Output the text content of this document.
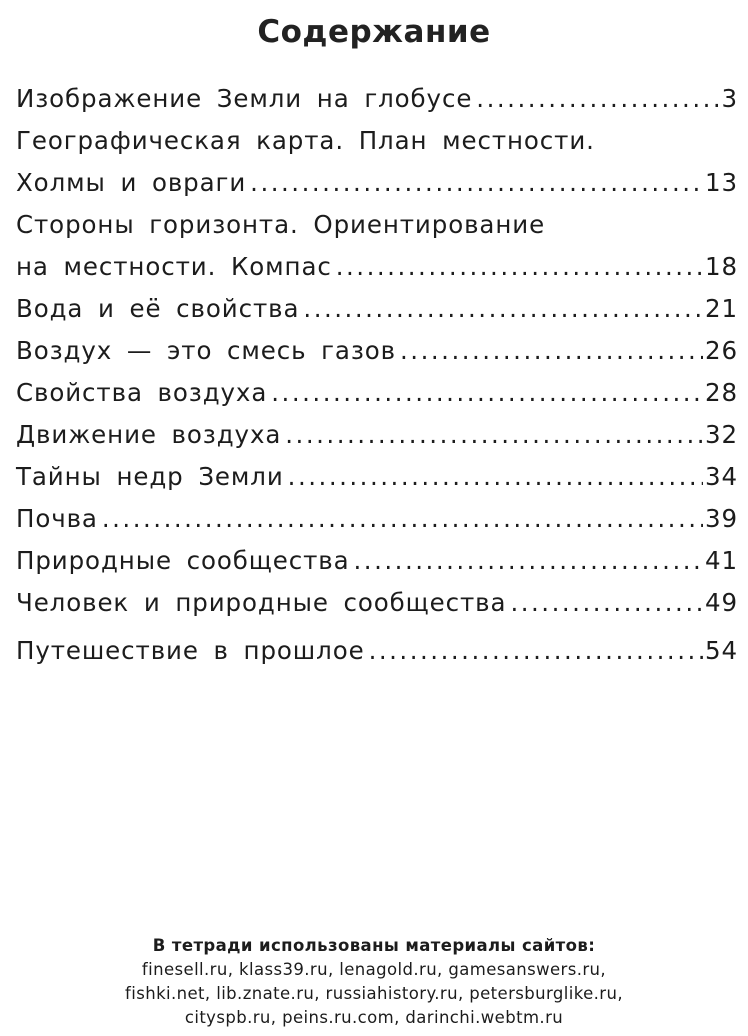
Содержание
Изображение Земли на глобусе .....	3
Географическая карта. План местности.
Холмы и овраги .....	13
Стороны горизонта. Ориентирование
на местности. Компас .....	18
Вода и её свойства .....	21
Воздух — это смесь газов .....	26
Свойства воздуха .....	28
Движение воздуха .....	32
Тайны недр Земли .....	34
Почва .....	39
Природные сообщества .....	41
Человек и природные сообщества .....	49
Путешествие в прошлое .....	54
В тетради использованы материалы сайтов:
finesell.ru, klass39.ru, lenagold.ru, gamesanswers.ru,
fishki.net, lib.znate.ru, russiahistory.ru, petersburglike.ru,
cityspb.ru, peins.ru.com, darinchi.webtm.ru
